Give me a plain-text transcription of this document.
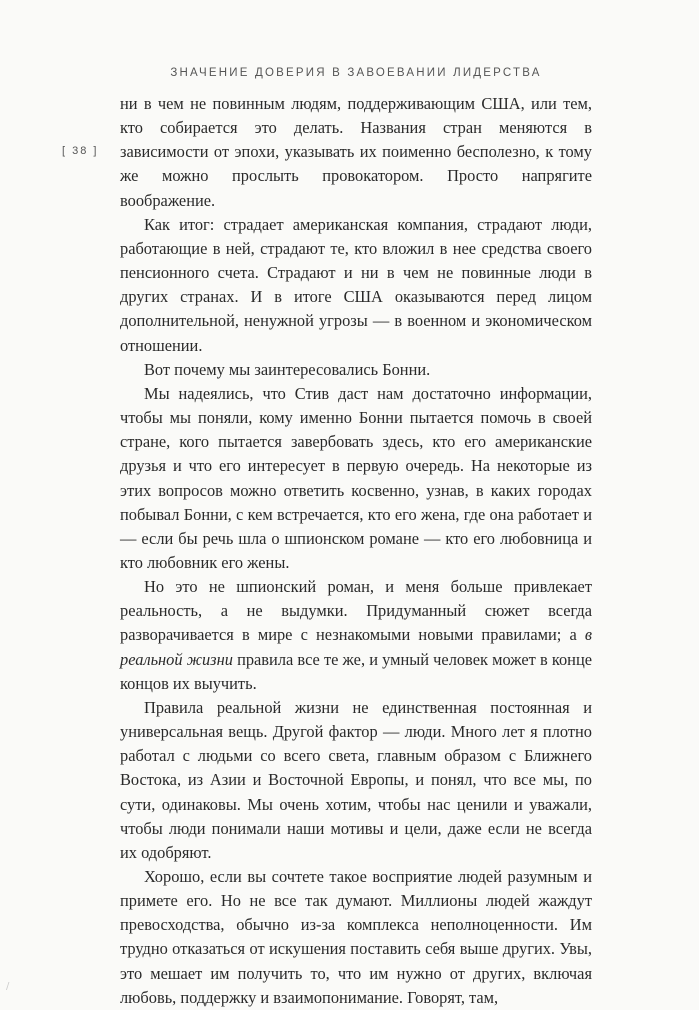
ЗНАЧЕНИЕ ДОВЕРИЯ В ЗАВОЕВАНИИ ЛИДЕРСТВА
[ 38 ]

ни в чем не повинным людям, поддерживающим США, или тем, кто собирается это делать. Названия стран меняются в зависимости от эпохи, указывать их поименно бесполезно, к тому же можно прослыть провокатором. Просто напрягите воображение.

Как итог: страдает американская компания, страдают люди, работающие в ней, страдают те, кто вложил в нее средства своего пенсионного счета. Страдают и ни в чем не повинные люди в других странах. И в итоге США оказываются перед лицом дополнительной, ненужной угрозы — в военном и экономическом отношении.

Вот почему мы заинтересовались Бонни.

Мы надеялись, что Стив даст нам достаточно информации, чтобы мы поняли, кому именно Бонни пытается помочь в своей стране, кого пытается завербовать здесь, кто его американские друзья и что его интересует в первую очередь. На некоторые из этих вопросов можно ответить косвенно, узнав, в каких городах побывал Бонни, с кем встречается, кто его жена, где она работает и — если бы речь шла о шпионском романе — кто его любовница и кто любовник его жены.

Но это не шпионский роман, и меня больше привлекает реальность, а не выдумки. Придуманный сюжет всегда разворачивается в мире с незнакомыми новыми правилами; а в реальной жизни правила все те же, и умный человек может в конце концов их выучить.

Правила реальной жизни не единственная постоянная и универсальная вещь. Другой фактор — люди. Много лет я плотно работал с людьми со всего света, главным образом с Ближнего Востока, из Азии и Восточной Европы, и понял, что все мы, по сути, одинаковы. Мы очень хотим, чтобы нас ценили и уважали, чтобы люди понимали наши мотивы и цели, даже если не всегда их одобряют.

Хорошо, если вы сочтете такое восприятие людей разумным и примете его. Но не все так думают. Миллионы людей жаждут превосходства, обычно из-за комплекса неполноценности. Им трудно отказаться от искушения поставить себя выше других. Увы, это мешает им получить то, что им нужно от других, включая любовь, поддержку и взаимопонимание. Говорят, там,

/
